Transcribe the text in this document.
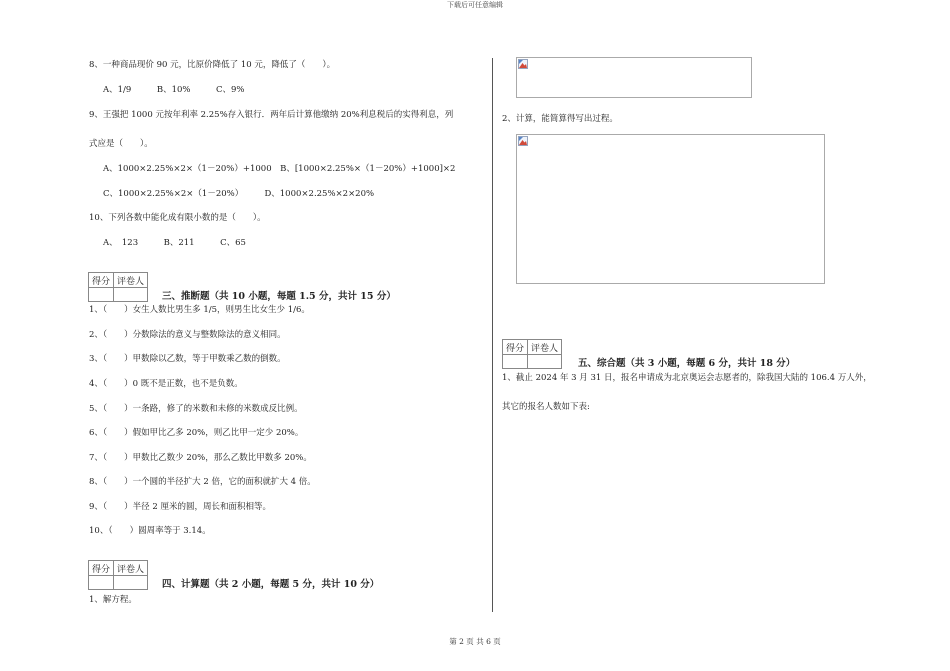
下载后可任意编辑
8、一种商品现价 90 元，比原价降低了 10 元，降低了（　　）。
A、1/9　　　B、10%　　　C、9%
9、王强把 1000 元按年利率 2.25%存入银行．两年后计算他缴纳 20%利息税后的实得利息，列
式应是（　　）。
A、1000×2.25%×2×（1－20%）+1000　B、[1000×2.25%×（1－20%）+1000]×2
C、1000×2.25%×2×（1－20%）　　　D、1000×2.25%×2×20%
10、下列各数中能化成有限小数的是（　　）。
A、　123　　　B、211　　　C、65
得分	评卷人

三、推断题（共 10 小题，每题 1.5 分，共计 15 分）
1、（　　）女生人数比男生多 1/5，则男生比女生少 1/6。
2、（　　）分数除法的意义与整数除法的意义相同。
3、（　　）甲数除以乙数，等于甲数乘乙数的倒数。
4、（　　）0 既不是正数，也不是负数。
5、（　　）一条路，修了的米数和未修的米数成反比例。
6、（　　）假如甲比乙多 20%，则乙比甲一定少 20%。
7、（　　）甲数比乙数少 20%，那么乙数比甲数多 20%。
8、（　　）一个圆的半径扩大 2 倍，它的面积就扩大 4 倍。
9、（　　）半径 2 厘米的圆，周长和面积相等。
10、（　　）圆周率等于 3.14。
得分	评卷人

四、计算题（共 2 小题，每题 5 分，共计 10 分）
1、解方程。
2、计算，能简算得写出过程。
得分	评卷人

五、综合题（共 3 小题，每题 6 分，共计 18 分）
1、截止 2024 年 3 月 31 日，报名申请成为北京奥运会志愿者的，除我国大陆的 106.4 万人外，
其它的报名人数如下表:
第 2 页 共 6 页
